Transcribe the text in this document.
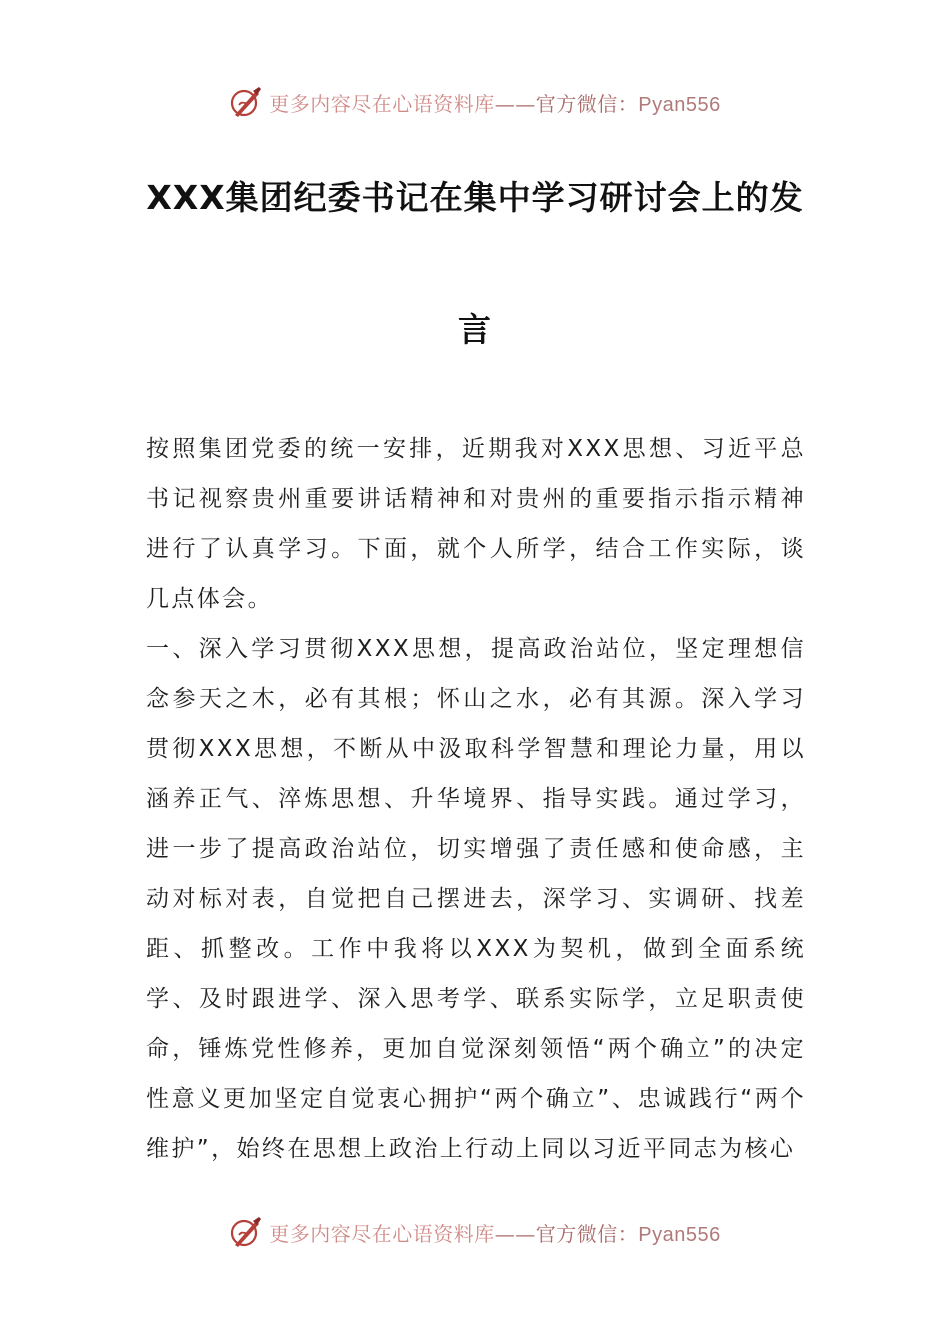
更多内容尽在心语资料库——官方微信：Pyan556
XXX集团纪委书记在集中学习研讨会上的发
言

按照集团党委的统一安排，近期我对XXX思想、习近平总书记视察贵州重要讲话精神和对贵州的重要指示指示精神进行了认真学习。下面，就个人所学，结合工作实际，谈几点体会。

一、深入学习贯彻XXX思想，提高政治站位，坚定理想信念参天之木，必有其根；怀山之水，必有其源。深入学习贯彻XXX思想，不断从中汲取科学智慧和理论力量，用以涵养正气、淬炼思想、升华境界、指导实践。通过学习，进一步了提高政治站位，切实增强了责任感和使命感，主动对标对表，自觉把自己摆进去，深学习、实调研、找差距、抓整改。工作中我将以XXX为契机，做到全面系统学、及时跟进学、深入思考学、联系实际学，立足职责使命，锤炼党性修养，更加自觉深刻领悟“两个确立”的决定性意义更加坚定自觉衷心拥护“两个确立”、忠诚践行“两个维护”，始终在思想上政治上行动上同以习近平同志为核心

更多内容尽在心语资料库——官方微信：Pyan556
